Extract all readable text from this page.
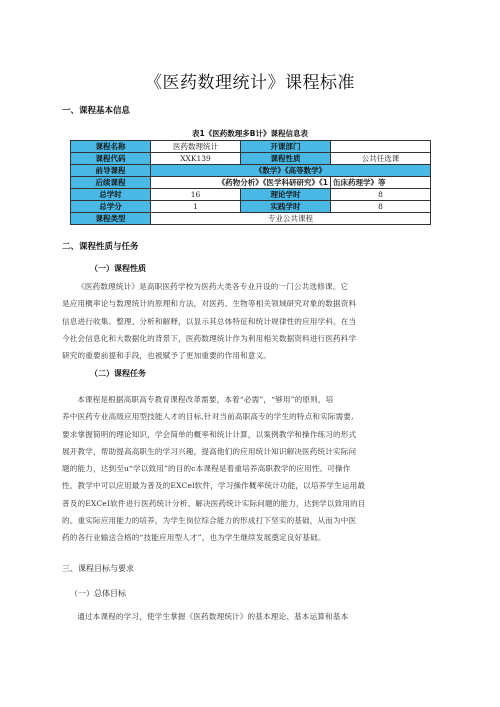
《医药数理统计》课程标准
一、课程基本信息
表1《医药数理多B计》课程信息表
课程名称	医药数理统计	开课部门	
课程代码	XXK139	课程性质	公共任选课
前导课程	《数学》《高等数学》		
后续课程	《药物分析》《医学科研研究》《1		缶床药理学》等
总学时	16	理论学时	8
总学分	1	实践学时	8
课程类型	专业公共课程		
二、课程性质与任务
（一）课程性质

《医药数理统计》是高职医药学校为医药大类各专业开设的一门公共选修课。它

是应用概率论与数理统计的原理和方法，对医药、生物等相关领域研究对象的数据资料

信息进行收集、整理、分析和解释，以显示其总体特征和统计规律性的应用学科。在当

今社会信息化和大数据化的背景下，医药数理统计作为利用相关数据资料进行医药科学

研究的重要前提和手段，也被赋予了更加重要的作用和意义。

（二）课程任务

本课程是根据高职高专教育课程改革需要，本着“必需”，“够用”的原则，培

养中医药专业高级应用型技能人才的目标,针对当前高职高专的学生的特点和实际需要,

要求掌握简明的理论知识，学会简单的概率和统计计算，以案例教学和操作练习的形式

展开教学，帮助提高高职生的学习兴趣，提高他们的应用统计知识解决医药统计实际问

题的能力，达到至u“学以致用”的目的c本课程是着重培养高职教学的应用性、可操作

性，教学中可以应用最为普及的EXCel软件，学习操作概率统计功能，以培养学生运用最

普及的EXCeI软件进行医药统计分析、解决医药统计实际问题的能力，达到学以致用的目

的。重实际应用能力的培养，为学生岗位综合能力的形成打下坚实的基础，从而为中医

药的各行业输送合格的“技能应用型人才”，也为学生继续发展奠定良好基础。

三、课程目标与要求
（一）总体目标

通过本课程的学习，使学生掌握《医药数理统计》的基本理论、基本运算和基本
